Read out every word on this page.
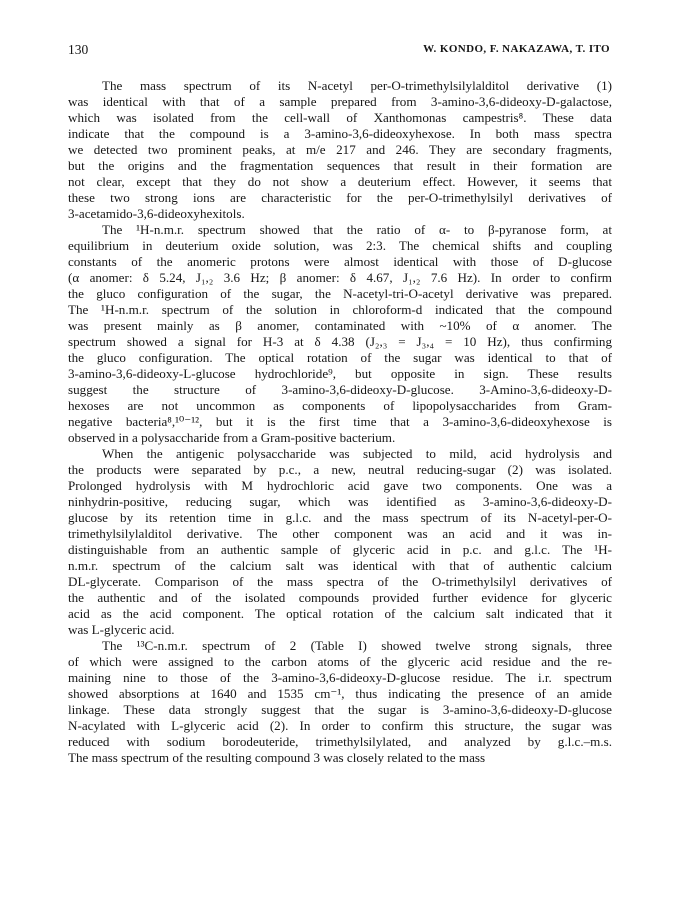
130	W. KONDO, F. NAKAZAWA, T. ITO
The mass spectrum of its N-acetyl per-O-trimethylsilylalditol derivative (1)
was identical with that of a sample prepared from 3-amino-3,6-dideoxy-D-galactose,
which was isolated from the cell-wall of Xanthomonas campestris⁸. These data
indicate that the compound is a 3-amino-3,6-dideoxyhexose. In both mass spectra
we detected two prominent peaks, at m/e 217 and 246. They are secondary fragments,
but the origins and the fragmentation sequences that result in their formation are
not clear, except that they do not show a deuterium effect. However, it seems that
these two strong ions are characteristic for the per-O-trimethylsilyl derivatives of
3-acetamido-3,6-dideoxyhexitols.
The ¹H-n.m.r. spectrum showed that the ratio of α- to β-pyranose form, at
equilibrium in deuterium oxide solution, was 2:3. The chemical shifts and coupling
constants of the anomeric protons were almost identical with those of D-glucose
(α anomer: δ 5.24, J₁,₂ 3.6 Hz; β anomer: δ 4.67, J₁,₂ 7.6 Hz). In order to confirm
the gluco configuration of the sugar, the N-acetyl-tri-O-acetyl derivative was prepared.
The ¹H-n.m.r. spectrum of the solution in chloroform-d indicated that the compound
was present mainly as β anomer, contaminated with ~10% of α anomer. The
spectrum showed a signal for H-3 at δ 4.38 (J₂,₃ = J₃,₄ = 10 Hz), thus confirming
the gluco configuration. The optical rotation of the sugar was identical to that of
3-amino-3,6-dideoxy-L-glucose hydrochloride⁹, but opposite in sign. These results
suggest the structure of 3-amino-3,6-dideoxy-D-glucose. 3-Amino-3,6-dideoxy-D-
hexoses are not uncommon as components of lipopolysaccharides from Gram-
negative bacteria⁸,¹⁰⁻¹², but it is the first time that a 3-amino-3,6-dideoxyhexose is
observed in a polysaccharide from a Gram-positive bacterium.
When the antigenic polysaccharide was subjected to mild, acid hydrolysis and
the products were separated by p.c., a new, neutral reducing-sugar (2) was isolated.
Prolonged hydrolysis with M hydrochloric acid gave two components. One was a
ninhydrin-positive, reducing sugar, which was identified as 3-amino-3,6-dideoxy-D-
glucose by its retention time in g.l.c. and the mass spectrum of its N-acetyl-per-O-
trimethylsilylalditol derivative. The other component was an acid and it was in-
distinguishable from an authentic sample of glyceric acid in p.c. and g.l.c. The ¹H-
n.m.r. spectrum of the calcium salt was identical with that of authentic calcium
DL-glycerate. Comparison of the mass spectra of the O-trimethylsilyl derivatives of
the authentic and of the isolated compounds provided further evidence for glyceric
acid as the acid component. The optical rotation of the calcium salt indicated that it
was L-glyceric acid.
The ¹³C-n.m.r. spectrum of 2 (Table I) showed twelve strong signals, three
of which were assigned to the carbon atoms of the glyceric acid residue and the re-
maining nine to those of the 3-amino-3,6-dideoxy-D-glucose residue. The i.r. spectrum
showed absorptions at 1640 and 1535 cm⁻¹, thus indicating the presence of an amide
linkage. These data strongly suggest that the sugar is 3-amino-3,6-dideoxy-D-glucose
N-acylated with L-glyceric acid (2). In order to confirm this structure, the sugar was
reduced with sodium borodeuteride, trimethylsilylated, and analyzed by g.l.c.–m.s.
The mass spectrum of the resulting compound 3 was closely related to the mass
